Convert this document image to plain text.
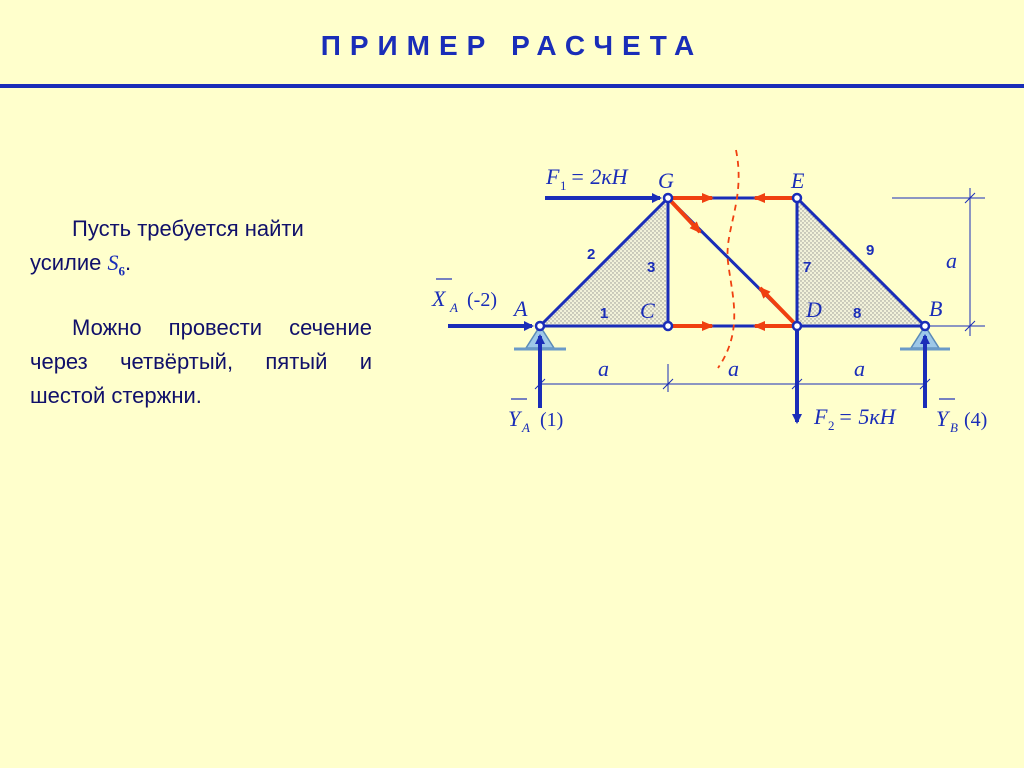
ПРИМЕР РАСЧЕТА
Пусть требуется найти
усилие $S_6$.
Можно провести сечение через четвёртый, пятый и шестой стержни.
G	E
A	C	D	B
2
3
1
7
8
9
a	a	a
a
F 1 = 2кН
X A (-2)
Y A (1)	F 2 = 5кН Y B (4)
